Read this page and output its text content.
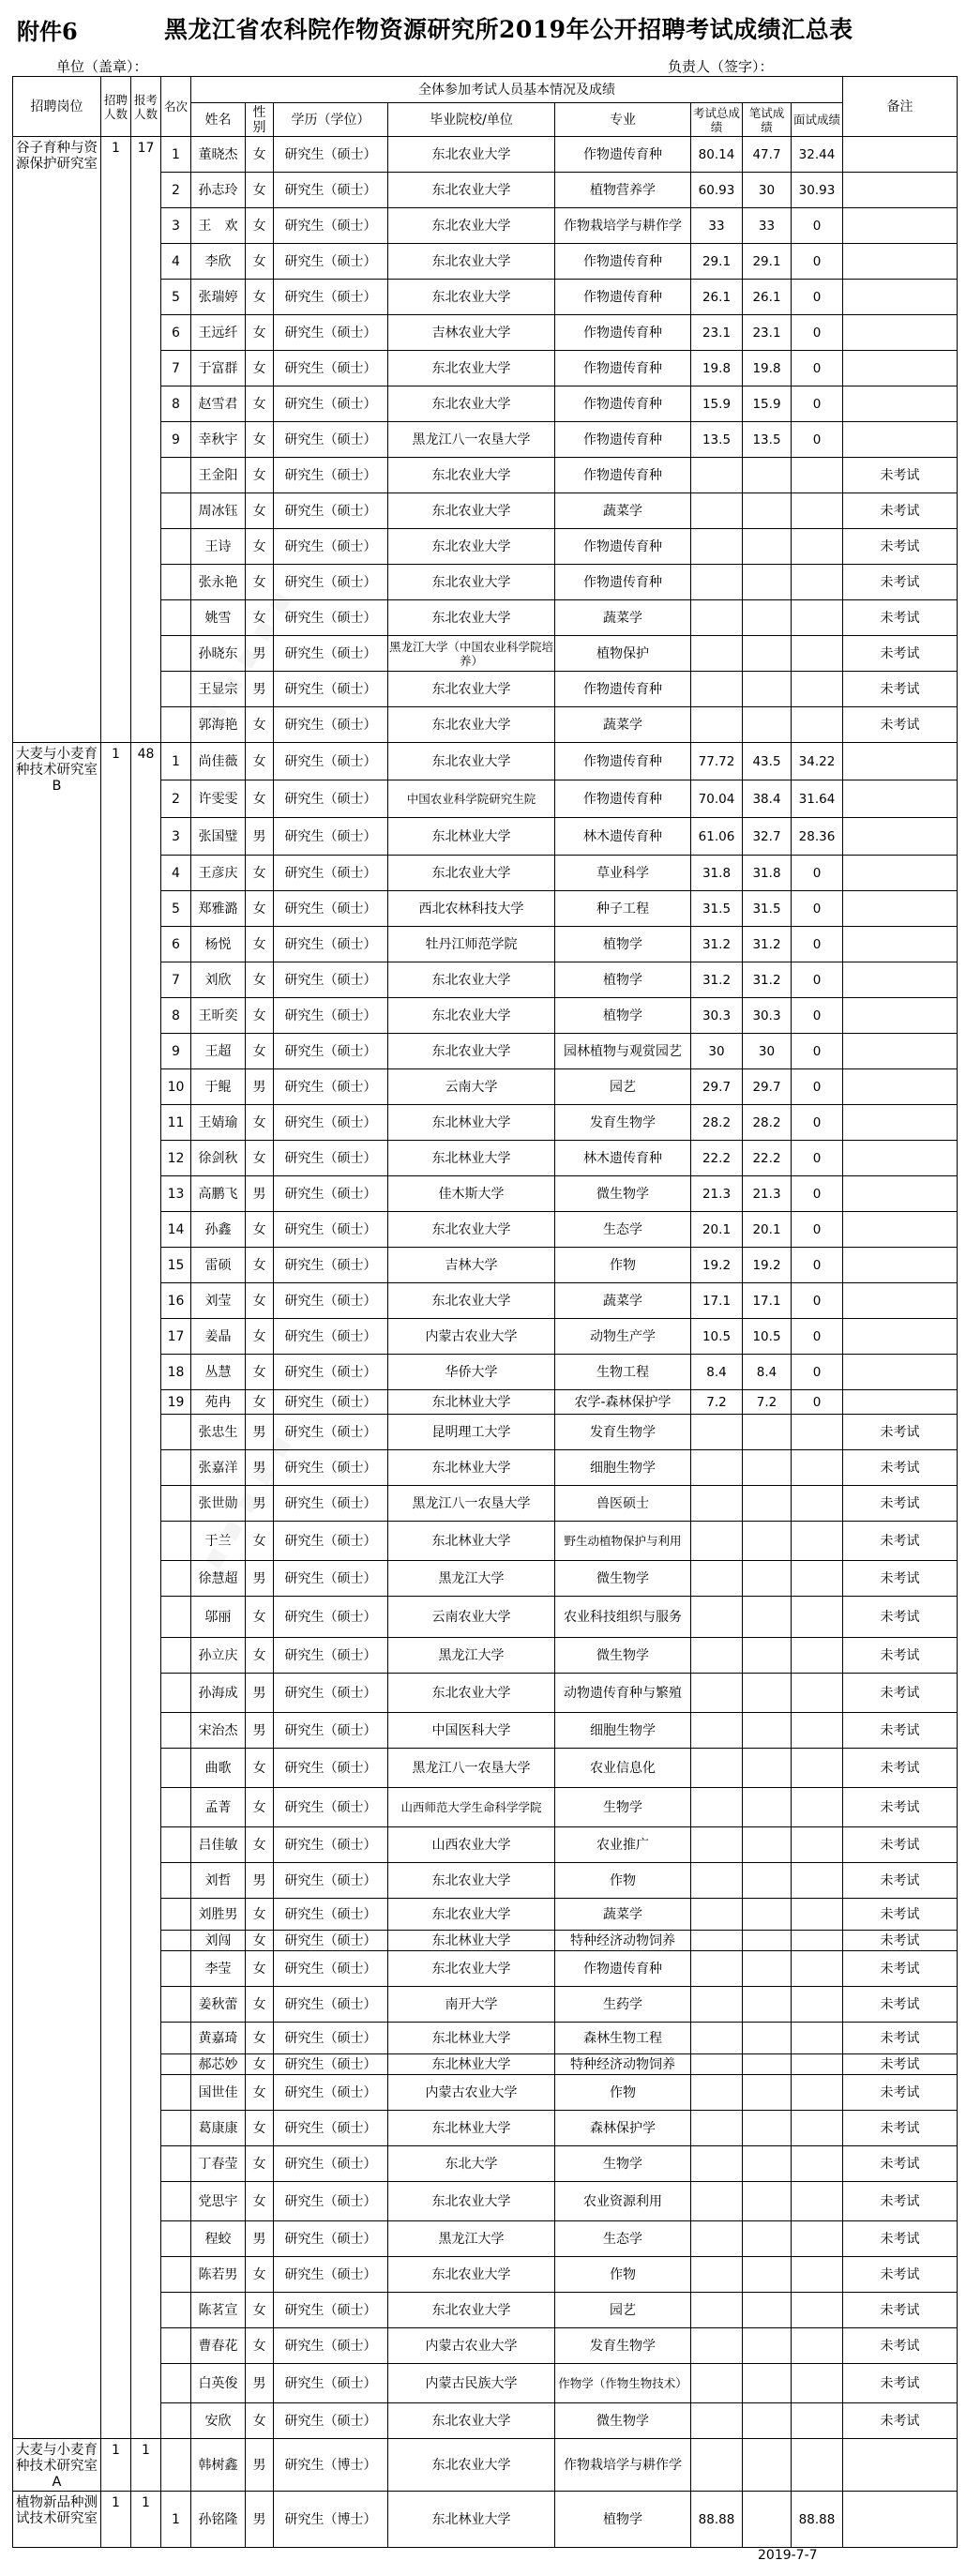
附件6	黑龙江省农科院作物资源研究所2019年公开招聘考试成绩汇总表
单位（盖章）：	负责人（签字）：
招聘岗位	招聘人数	报考人数	名次	全体参加考试人员基本情况及成绩								备注
				姓名	性别	学历（学位）	毕业院校/单位	专业	考试总成绩	笔试成绩	面试成绩	
谷子育种与资源保护研究室	1	17	1	董晓杰	女	研究生（硕士）	东北农业大学	作物遗传育种	80.14	47.7	32.44	
			2	孙志玲	女	研究生（硕士）	东北农业大学	植物营养学	60.93	30	30.93	
			3	王　欢	女	研究生（硕士）	东北农业大学	作物栽培学与耕作学	33	33	0	
			4	李欣	女	研究生（硕士）	东北农业大学	作物遗传育种	29.1	29.1	0	
			5	张瑞婷	女	研究生（硕士）	东北农业大学	作物遗传育种	26.1	26.1	0	
			6	王远纤	女	研究生（硕士）	吉林农业大学	作物遗传育种	23.1	23.1	0	
			7	于富群	女	研究生（硕士）	东北农业大学	作物遗传育种	19.8	19.8	0	
			8	赵雪君	女	研究生（硕士）	东北农业大学	作物遗传育种	15.9	15.9	0	
			9	幸秋宇	女	研究生（硕士）	黑龙江八一农垦大学	作物遗传育种	13.5	13.5	0	
				王金阳	女	研究生（硕士）	东北农业大学	作物遗传育种				未考试
				周冰钰	女	研究生（硕士）	东北农业大学	蔬菜学				未考试
				王诗	女	研究生（硕士）	东北农业大学	作物遗传育种				未考试
				张永艳	女	研究生（硕士）	东北农业大学	作物遗传育种				未考试
				姚雪	女	研究生（硕士）	东北农业大学	蔬菜学				未考试
				孙晓东	男	研究生（硕士）	黑龙江大学（中国农业科学院培养）	植物保护				未考试
				王显宗	男	研究生（硕士）	东北农业大学	作物遗传育种				未考试
				郭海艳	女	研究生（硕士）	东北农业大学	蔬菜学				未考试
大麦与小麦育种技术研究室B	1	48	1	尚佳薇	女	研究生（硕士）	东北农业大学	作物遗传育种	77.72	43.5	34.22	
			2	许雯雯	女	研究生（硕士）	中国农业科学院研究生院	作物遗传育种	70.04	38.4	31.64	
			3	张国璧	男	研究生（硕士）	东北林业大学	林木遗传育种	61.06	32.7	28.36	
			4	王彦庆	女	研究生（硕士）	东北农业大学	草业科学	31.8	31.8	0	
			5	郑雅潞	女	研究生（硕士）	西北农林科技大学	种子工程	31.5	31.5	0	
			6	杨悦	女	研究生（硕士）	牡丹江师范学院	植物学	31.2	31.2	0	
			7	刘欣	女	研究生（硕士）	东北农业大学	植物学	31.2	31.2	0	
			8	王昕奕	女	研究生（硕士）	东北农业大学	植物学	30.3	30.3	0	
			9	王超	女	研究生（硕士）	东北农业大学	园林植物与观赏园艺	30	30	0	
			10	于鲲	男	研究生（硕士）	云南大学	园艺	29.7	29.7	0	
			11	王婧瑜	女	研究生（硕士）	东北林业大学	发育生物学	28.2	28.2	0	
			12	徐剑秋	女	研究生（硕士）	东北林业大学	林木遗传育种	22.2	22.2	0	
			13	高鹏飞	男	研究生（硕士）	佳木斯大学	微生物学	21.3	21.3	0	
			14	孙鑫	女	研究生（硕士）	东北农业大学	生态学	20.1	20.1	0	
			15	雷硕	女	研究生（硕士）	吉林大学	作物	19.2	19.2	0	
			16	刘莹	女	研究生（硕士）	东北农业大学	蔬菜学	17.1	17.1	0	
			17	姜晶	女	研究生（硕士）	内蒙古农业大学	动物生产学	10.5	10.5	0	
			18	丛慧	女	研究生（硕士）	华侨大学	生物工程	8.4	8.4	0	
			19	苑冉	女	研究生（硕士）	东北林业大学	农学-森林保护学	7.2	7.2	0	
				张忠生	男	研究生（硕士）	昆明理工大学	发育生物学				未考试
				张嘉洋	男	研究生（硕士）	东北林业大学	细胞生物学				未考试
				张世勋	男	研究生（硕士）	黑龙江八一农垦大学	兽医硕士				未考试
				于兰	女	研究生（硕士）	东北林业大学	野生动植物保护与利用				未考试
				徐慧超	男	研究生（硕士）	黑龙江大学	微生物学				未考试
				邬丽	女	研究生（硕士）	云南农业大学	农业科技组织与服务				未考试
				孙立庆	女	研究生（硕士）	黑龙江大学	微生物学				未考试
				孙海成	男	研究生（硕士）	东北农业大学	动物遗传育种与繁殖				未考试
				宋治杰	男	研究生（硕士）	中国医科大学	细胞生物学				未考试
				曲歌	女	研究生（硕士）	黑龙江八一农垦大学	农业信息化				未考试
				孟菁	女	研究生（硕士）	山西师范大学生命科学学院	生物学				未考试
				吕佳敏	女	研究生（硕士）	山西农业大学	农业推广				未考试
				刘哲	男	研究生（硕士）	东北农业大学	作物				未考试
				刘胜男	女	研究生（硕士）	东北农业大学	蔬菜学				未考试
				刘闯	女	研究生（硕士）	东北林业大学	特种经济动物饲养				未考试
				李莹	女	研究生（硕士）	东北农业大学	作物遗传育种				未考试
				姜秋蕾	女	研究生（硕士）	南开大学	生药学				未考试
				黄嘉琦	女	研究生（硕士）	东北林业大学	森林生物工程				未考试
				郝芯妙	女	研究生（硕士）	东北林业大学	特种经济动物饲养				未考试
				国世佳	女	研究生（硕士）	内蒙古农业大学	作物				未考试
				葛康康	女	研究生（硕士）	东北林业大学	森林保护学				未考试
				丁春莹	女	研究生（硕士）	东北大学	生物学				未考试
				党思宇	女	研究生（硕士）	东北农业大学	农业资源利用				未考试
				程蛟	男	研究生（硕士）	黑龙江大学	生态学				未考试
				陈若男	女	研究生（硕士）	东北农业大学	作物				未考试
				陈茗宣	女	研究生（硕士）	东北农业大学	园艺				未考试
				曹春花	女	研究生（硕士）	内蒙古农业大学	发育生物学				未考试
				白英俊	男	研究生（硕士）	内蒙古民族大学	作物学（作物生物技术）				未考试
				安欣	女	研究生（硕士）	东北农业大学	微生物学				未考试
大麦与小麦育种技术研究室A	1	1		韩树鑫	男	研究生（博士）	东北农业大学	作物栽培学与耕作学				
植物新品种测试技术研究室	1	1	1	孙铭隆	男	研究生（博士）	东北林业大学	植物学	88.88		88.88	
2019-7-7
